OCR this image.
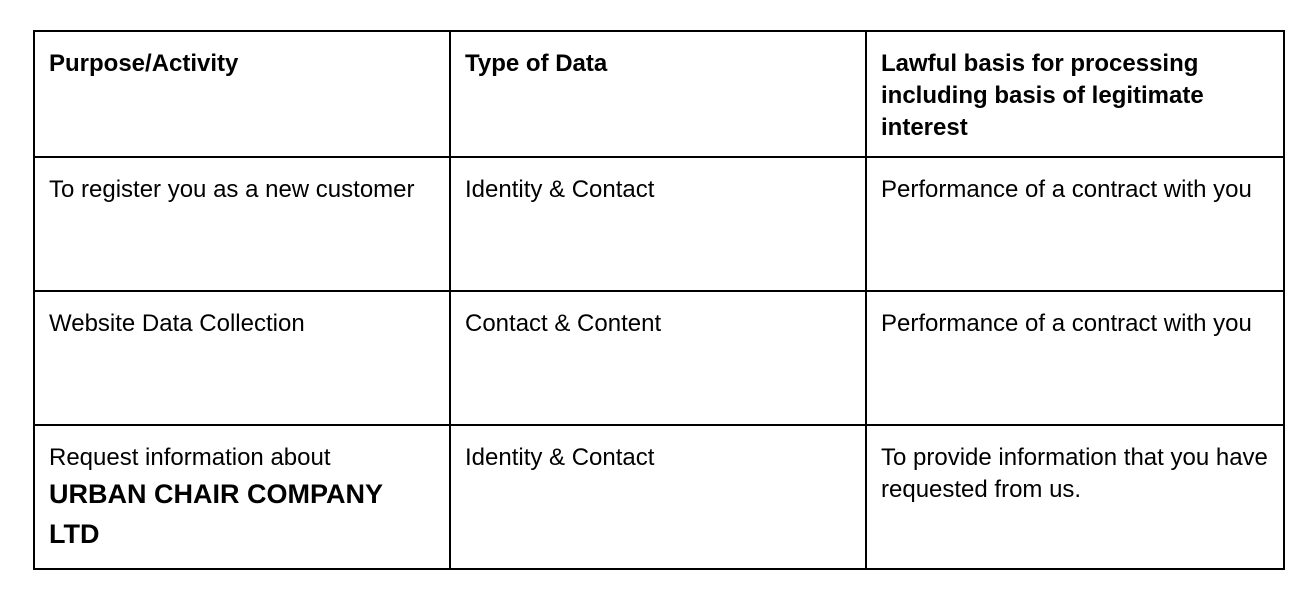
Purpose/Activity	Type of Data	Lawful basis for processing including basis of legitimate interest
To register you as a new customer	Identity & Contact	Performance of a contract with you
Website Data Collection	Contact & Content	Performance of a contract with you
Request information about
URBAN CHAIR COMPANY LTD	Identity & Contact	To provide information that you have requested from us.
